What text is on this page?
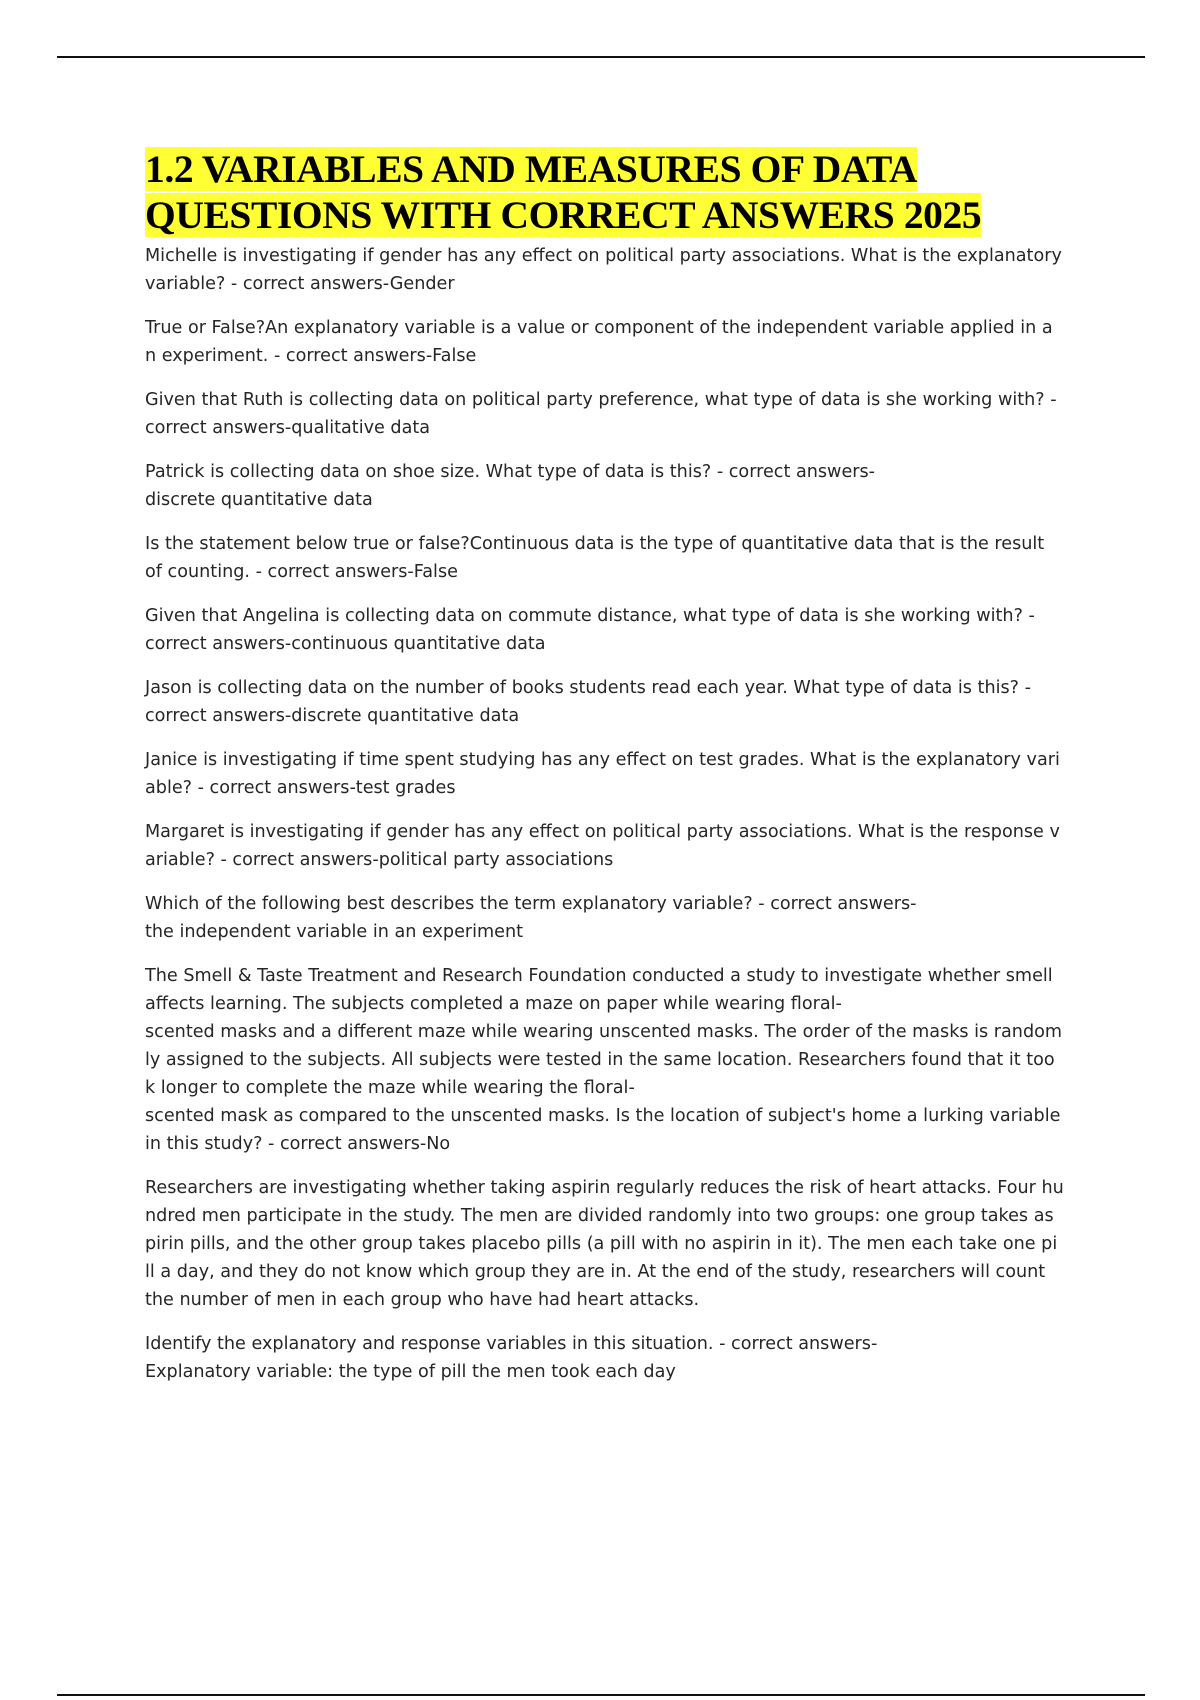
1.2 VARIABLES AND MEASURES OF DATA
QUESTIONS WITH CORRECT ANSWERS 2025

Michelle is investigating if gender has any effect on political party associations. What is the explanatory
variable? - correct answers-Gender

True or False?An explanatory variable is a value or component of the independent variable applied in a
n experiment. - correct answers-False

Given that Ruth is collecting data on political party preference, what type of data is she working with? -
correct answers-qualitative data

Patrick is collecting data on shoe size. What type of data is this? - correct answers-
discrete quantitative data

Is the statement below true or false?Continuous data is the type of quantitative data that is the result
of counting. - correct answers-False

Given that Angelina is collecting data on commute distance, what type of data is she working with? -
correct answers-continuous quantitative data

Jason is collecting data on the number of books students read each year. What type of data is this? -
correct answers-discrete quantitative data

Janice is investigating if time spent studying has any effect on test grades. What is the explanatory vari
able? - correct answers-test grades

Margaret is investigating if gender has any effect on political party associations. What is the response v
ariable? - correct answers-political party associations

Which of the following best describes the term explanatory variable? - correct answers-
the independent variable in an experiment

The Smell & Taste Treatment and Research Foundation conducted a study to investigate whether smell
affects learning. The subjects completed a maze on paper while wearing floral-
scented masks and a different maze while wearing unscented masks. The order of the masks is random
ly assigned to the subjects. All subjects were tested in the same location. Researchers found that it too
k longer to complete the maze while wearing the floral-
scented mask as compared to the unscented masks. Is the location of subject's home a lurking variable
in this study? - correct answers-No

Researchers are investigating whether taking aspirin regularly reduces the risk of heart attacks. Four hu
ndred men participate in the study. The men are divided randomly into two groups: one group takes as
pirin pills, and the other group takes placebo pills (a pill with no aspirin in it). The men each take one pi
ll a day, and they do not know which group they are in. At the end of the study, researchers will count
the number of men in each group who have had heart attacks.

Identify the explanatory and response variables in this situation. - correct answers-
Explanatory variable: the type of pill the men took each day
